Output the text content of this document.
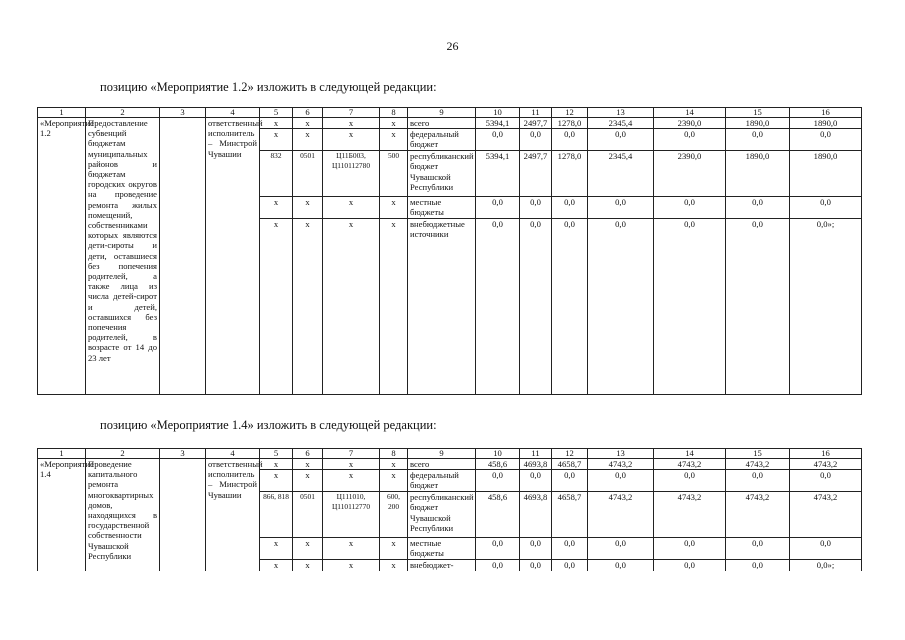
26
позицию «Мероприятие 1.2» изложить в следующей редакции:
1	2	3	4	5	6	7	8	9	10	11	12	13	14	15	16
«Мероприятие 1.2	Предоставление субвенций бюджетам муниципальных районов и бюджетам городских округов на проведение ремонта жилых помещений, собственниками которых являются дети-сироты и дети, оставшиеся без попечения родителей, а также лица из числа детей-сирот и детей, оставшихся без попечения родителей, в возрасте от 14 до 23 лет		ответственный исполнитель – Минстрой Чувашии	x	x	x	x	всего	5394,1	2497,7	1278,0	2345,4	2390,0	1890,0	1890,0
				x	x	x	x	федеральный бюджет	0,0	0,0	0,0	0,0	0,0	0,0	0,0
				832	0501	Ц11Б003, Ц110112780	500	республиканский бюджет Чувашской Республики	5394,1	2497,7	1278,0	2345,4	2390,0	1890,0	1890,0
				x	x	x	x	местные бюджеты	0,0	0,0	0,0	0,0	0,0	0,0	0,0
				x	x	x	x	внебюджетные источники	0,0	0,0	0,0	0,0	0,0	0,0	0,0»;
позицию «Мероприятие 1.4» изложить в следующей редакции:
1	2	3	4	5	6	7	8	9	10	11	12	13	14	15	16
«Мероприятие 1.4	Проведение капитального ремонта многоквартирных домов, находящихся в государственной собственности Чувашской Республики		ответственный исполнитель – Минстрой Чувашии	x	x	x	x	всего	458,6	4693,8	4658,7	4743,2	4743,2	4743,2	4743,2
				x	x	x	x	федеральный бюджет	0,0	0,0	0,0	0,0	0,0	0,0	0,0
				866, 818	0501	Ц111010, Ц110112770	600, 200	республиканский бюджет Чувашской Республики	458,6	4693,8	4658,7	4743,2	4743,2	4743,2	4743,2
				x	x	x	x	местные бюджеты	0,0	0,0	0,0	0,0	0,0	0,0	0,0
				x	x	x	x	внебюджет-	0,0	0,0	0,0	0,0	0,0	0,0	0,0»;
